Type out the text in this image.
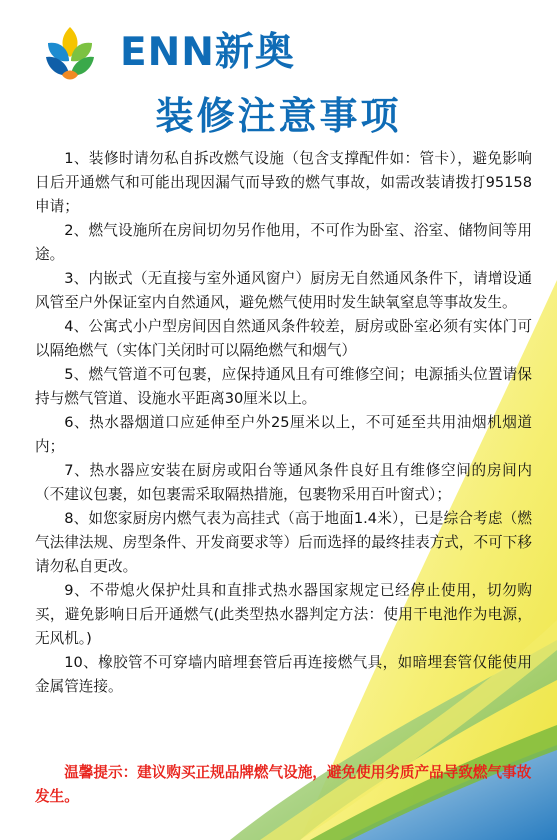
ENN新奥
装修注意事项

1、装修时请勿私自拆改燃气设施（包含支撑配件如：管卡），避免影响日后开通燃气和可能出现因漏气而导致的燃气事故，如需改装请拨打95158申请；

2、燃气设施所在房间切勿另作他用，不可作为卧室、浴室、储物间等用途。

3、内嵌式（无直接与室外通风窗户）厨房无自然通风条件下，请增设通风管至户外保证室内自然通风，避免燃气使用时发生缺氧窒息等事故发生。

4、公寓式小户型房间因自然通风条件较差，厨房或卧室必须有实体门可以隔绝燃气（实体门关闭时可以隔绝燃气和烟气）

5、燃气管道不可包裹，应保持通风且有可维修空间；电源插头位置请保持与燃气管道、设施水平距离30厘米以上。

6、热水器烟道口应延伸至户外25厘米以上，不可延至共用油烟机烟道内；

7、热水器应安装在厨房或阳台等通风条件良好且有维修空间的房间内（不建议包裹，如包裹需采取隔热措施，包裹物采用百叶窗式）；

8、如您家厨房内燃气表为高挂式（高于地面1.4米），已是综合考虑（燃气法律法规、房型条件、开发商要求等）后而选择的最终挂表方式，不可下移请勿私自更改。

9、不带熄火保护灶具和直排式热水器国家规定已经停止使用，切勿购买，避免影响日后开通燃气(此类型热水器判定方法：使用干电池作为电源，无风机。)

10、橡胶管不可穿墙内暗埋套管后再连接燃气具，如暗埋套管仅能使用金属管连接。

温馨提示：建议购买正规品牌燃气设施，避免使用劣质产品导致燃气事故发生。
